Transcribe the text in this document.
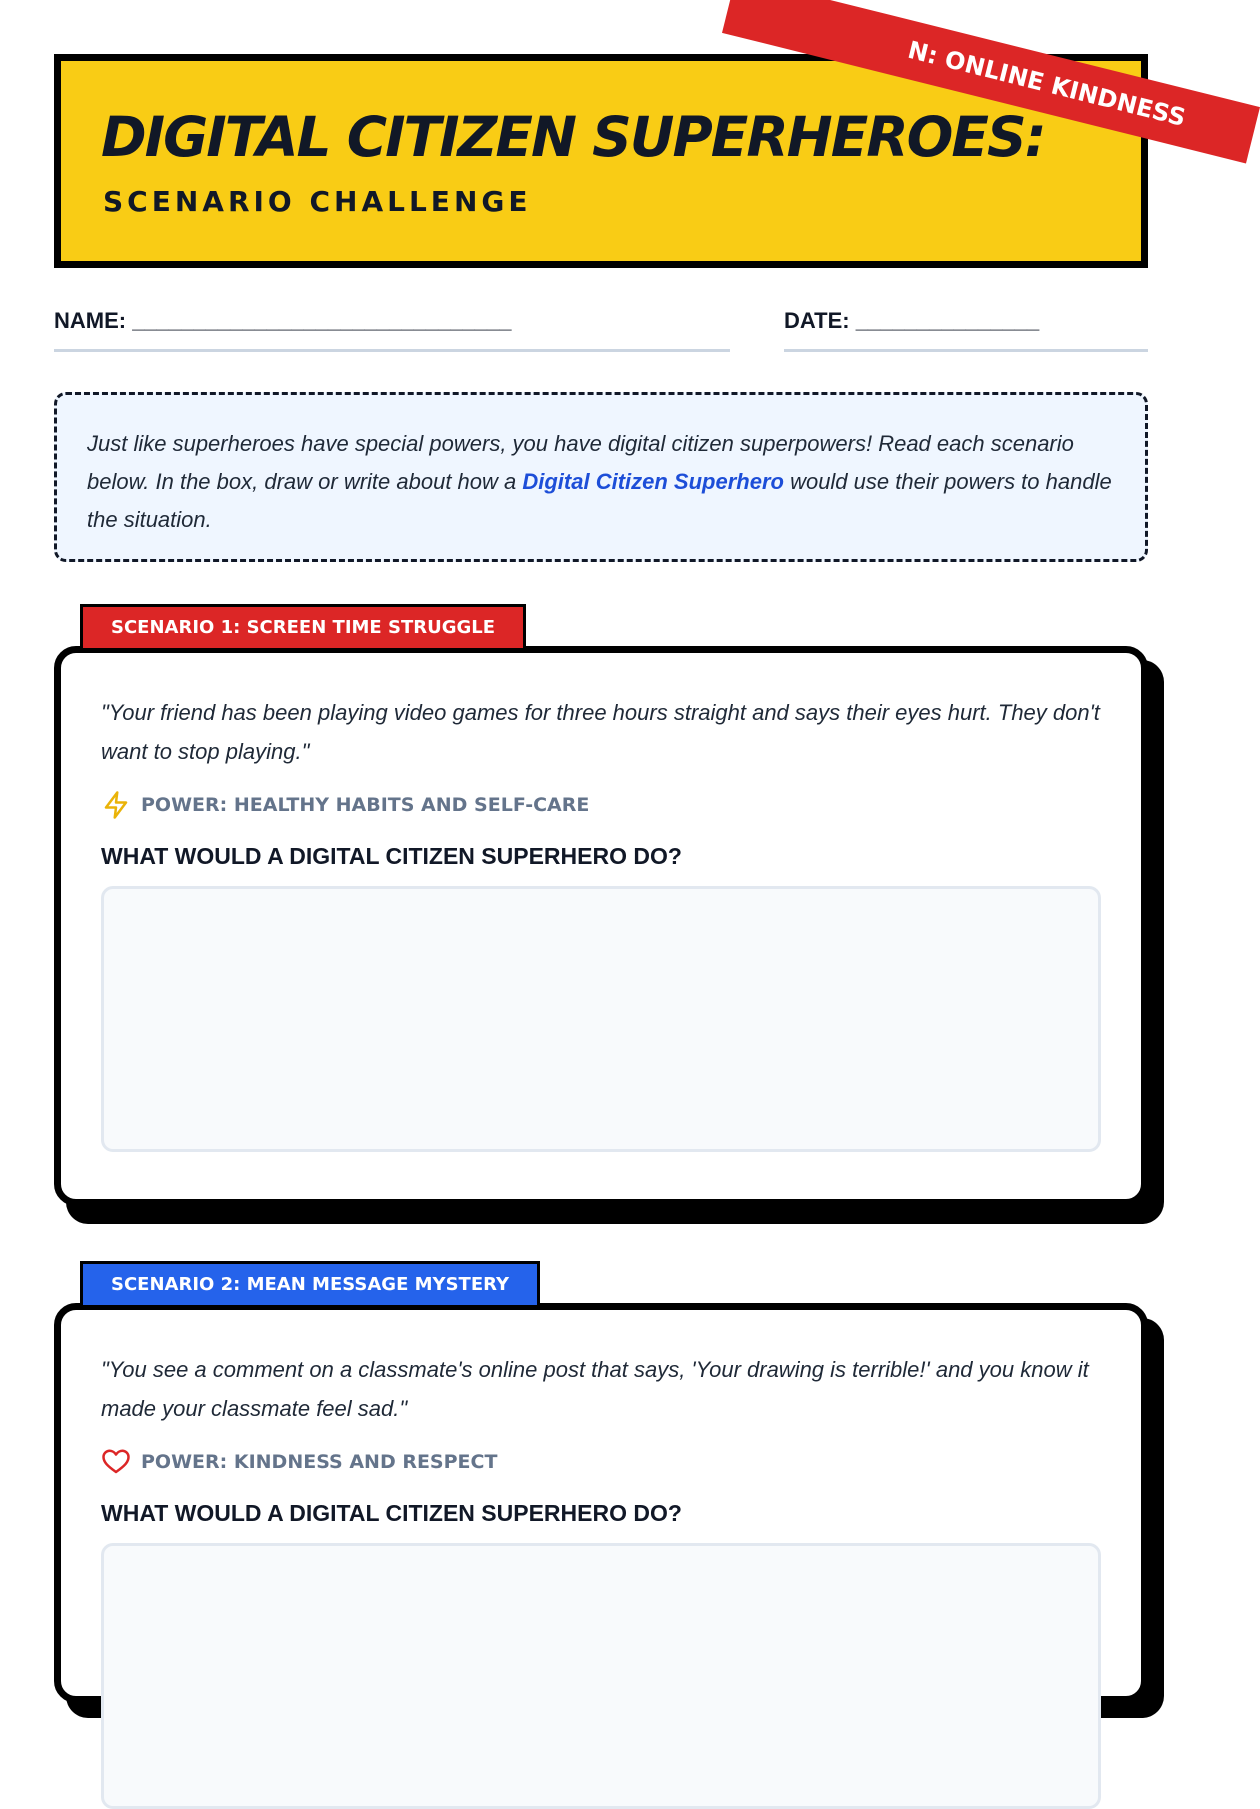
DIGITAL CITIZEN SUPERHEROES:
SCENARIO CHALLENGE
N: ONLINE KINDNESS
NAME: _______________________________	DATE: _______________
Just like superheroes have special powers, you have digital citizen superpowers! Read each scenario below. In the box, draw or write about how a Digital Citizen Superhero would use their powers to handle the situation.
SCENARIO 1: SCREEN TIME STRUGGLE
"Your friend has been playing video games for three hours straight and says their eyes hurt. They don't want to stop playing."
POWER: HEALTHY HABITS AND SELF-CARE
WHAT WOULD A DIGITAL CITIZEN SUPERHERO DO?
SCENARIO 2: MEAN MESSAGE MYSTERY
"You see a comment on a classmate's online post that says, 'Your drawing is terrible!' and you know it made your classmate feel sad."
POWER: KINDNESS AND RESPECT
WHAT WOULD A DIGITAL CITIZEN SUPERHERO DO?
